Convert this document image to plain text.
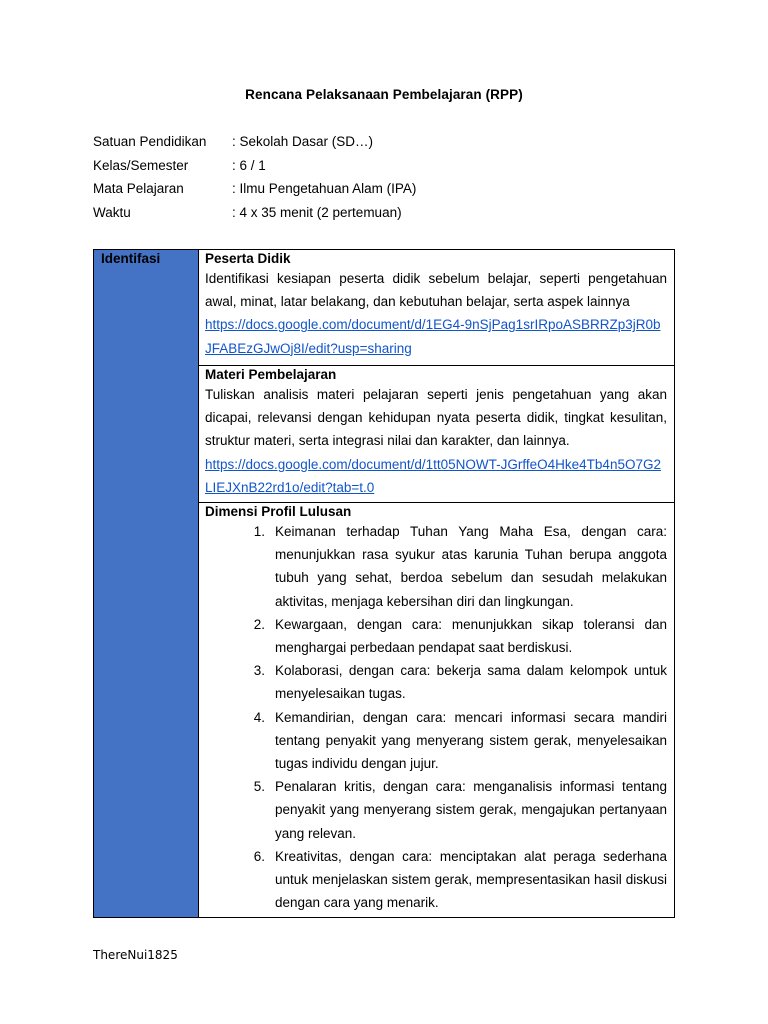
Rencana Pelaksanaan Pembelajaran (RPP)
Satuan Pendidikan	: Sekolah Dasar (SD…)
Kelas/Semester	: 6 / 1
Mata Pelajaran	: Ilmu Pengetahuan Alam (IPA)
Waktu	: 4 x 35 menit (2 pertemuan)
Identifasi	Peserta Didik
Identifikasi kesiapan peserta didik sebelum belajar, seperti pengetahuan awal, minat, latar belakang, dan kebutuhan belajar, serta aspek lainnya
https://docs.google.com/document/d/1EG4-9nSjPag1srIRpoASBRRZp3jR0bJFABEzGJwOj8I/edit?usp=sharing

Materi Pembelajaran
Tuliskan analisis materi pelajaran seperti jenis pengetahuan yang akan dicapai, relevansi dengan kehidupan nyata peserta didik, tingkat kesulitan, struktur materi, serta integrasi nilai dan karakter, dan lainnya.
https://docs.google.com/document/d/1tt05NOWT-JGrffeO4Hke4Tb4n5O7G2LIEJXnB22rd1o/edit?tab=t.0

Dimensi Profil Lulusan
1. Keimanan terhadap Tuhan Yang Maha Esa, dengan cara: menunjukkan rasa syukur atas karunia Tuhan berupa anggota tubuh yang sehat, berdoa sebelum dan sesudah melakukan aktivitas, menjaga kebersihan diri dan lingkungan.
2. Kewargaan, dengan cara: menunjukkan sikap toleransi dan menghargai perbedaan pendapat saat berdiskusi.
3. Kolaborasi, dengan cara: bekerja sama dalam kelompok untuk menyelesaikan tugas.
4. Kemandirian, dengan cara: mencari informasi secara mandiri tentang penyakit yang menyerang sistem gerak, menyelesaikan tugas individu dengan jujur.
5. Penalaran kritis, dengan cara: menganalisis informasi tentang penyakit yang menyerang sistem gerak, mengajukan pertanyaan yang relevan.
6. Kreativitas, dengan cara: menciptakan alat peraga sederhana untuk menjelaskan sistem gerak, mempresentasikan hasil diskusi dengan cara yang menarik.
ThereNui1825
